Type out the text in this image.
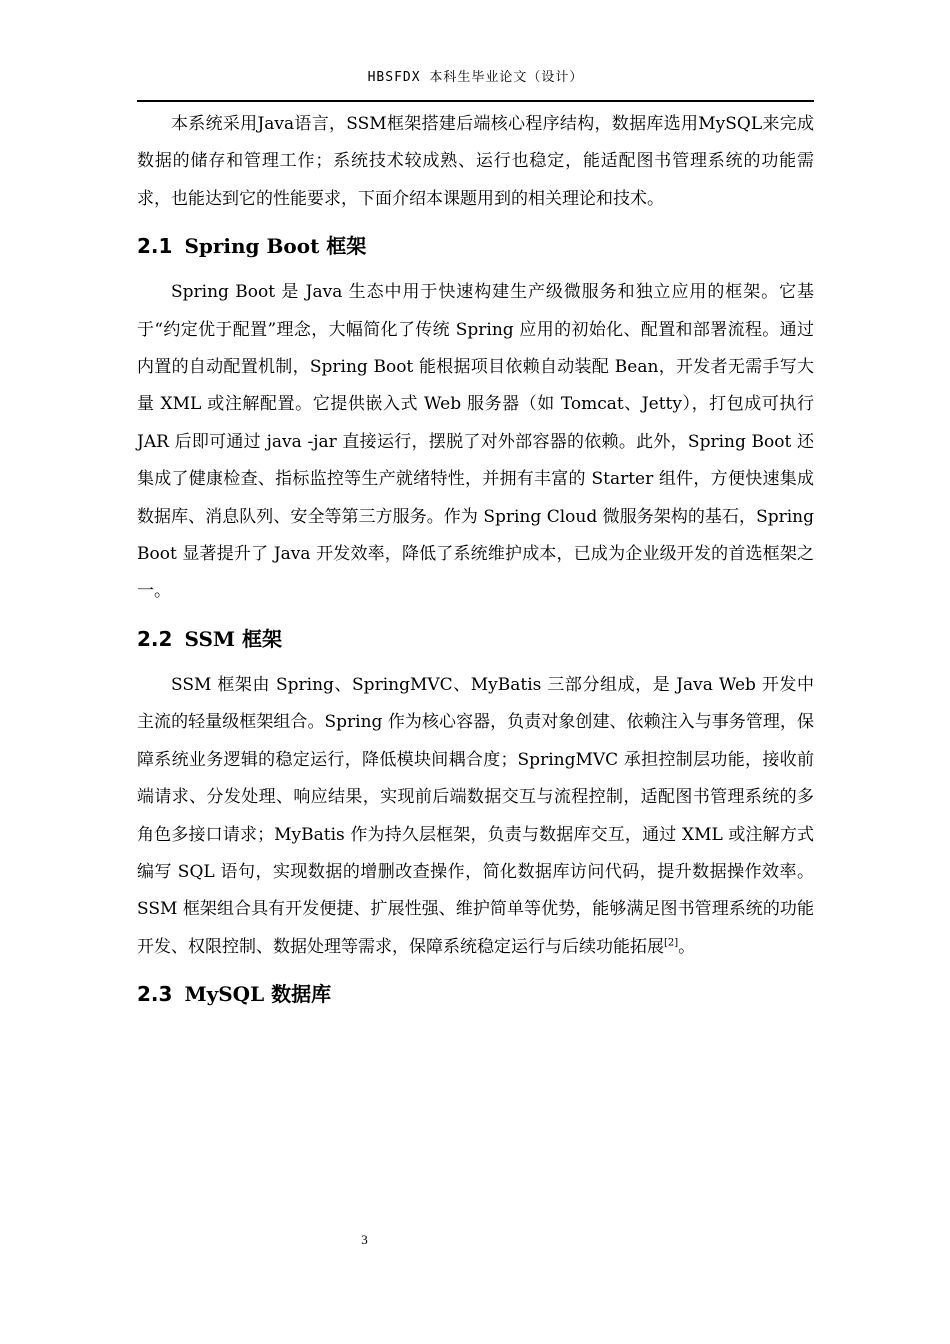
HBSFDX 本科生毕业论文（设计）

本系统采用Java语言，SSM框架搭建后端核心程序结构，数据库选用MySQL来完成数据的储存和管理工作；系统技术较成熟、运行也稳定，能适配图书管理系统的功能需求，也能达到它的性能要求，下面介绍本课题用到的相关理论和技术。

2.1 Spring Boot 框架

Spring Boot 是 Java 生态中用于快速构建生产级微服务和独立应用的框架。它基于“约定优于配置”理念，大幅简化了传统 Spring 应用的初始化、配置和部署流程。通过内置的自动配置机制，Spring Boot 能根据项目依赖自动装配 Bean，开发者无需手写大量 XML 或注解配置。它提供嵌入式 Web 服务器（如 Tomcat、Jetty），打包成可执行 JAR 后即可通过 java -jar 直接运行，摆脱了对外部容器的依赖。此外，Spring Boot 还集成了健康检查、指标监控等生产就绪特性，并拥有丰富的 Starter 组件，方便快速集成数据库、消息队列、安全等第三方服务。作为 Spring Cloud 微服务架构的基石，Spring Boot 显著提升了 Java 开发效率，降低了系统维护成本，已成为企业级开发的首选框架之一。

2.2 SSM 框架

SSM 框架由 Spring、SpringMVC、MyBatis 三部分组成，是 Java Web 开发中主流的轻量级框架组合。Spring 作为核心容器，负责对象创建、依赖注入与事务管理，保障系统业务逻辑的稳定运行，降低模块间耦合度；SpringMVC 承担控制层功能，接收前端请求、分发处理、响应结果，实现前后端数据交互与流程控制，适配图书管理系统的多角色多接口请求；MyBatis 作为持久层框架，负责与数据库交互，通过 XML 或注解方式编写 SQL 语句，实现数据的增删改查操作，简化数据库访问代码，提升数据操作效率。SSM 框架组合具有开发便捷、扩展性强、维护简单等优势，能够满足图书管理系统的功能开发、权限控制、数据处理等需求，保障系统稳定运行与后续功能拓展[2]。

2.3 MySQL 数据库
3
